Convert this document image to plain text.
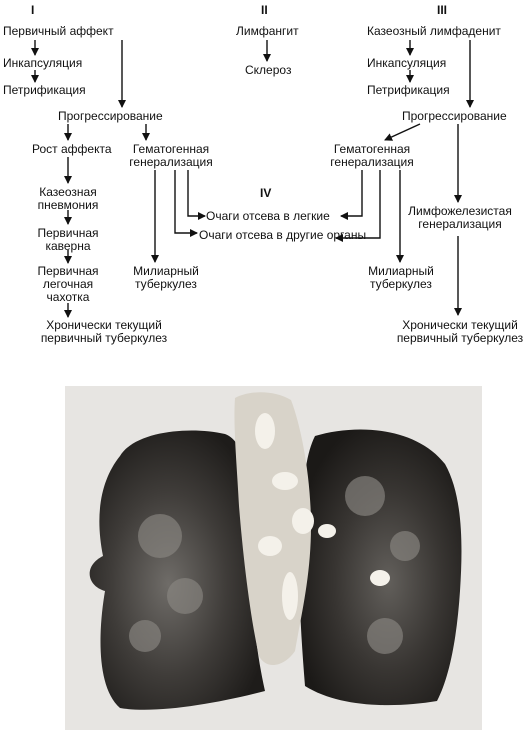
I	II	III
IV
Первичный аффект
Инкапсуляция
Петрификация
Прогрессирование
Рост аффекта	Гематогенная
генерализация
Казеозная
пневмония
Первичная
каверна
Первичная
легочная
чахотка
Милиарный
туберкулез
Хронически текущий
первичный туберкулез
Лимфангит
Склероз
Очаги отсева в легкие
Очаги отсева в другие органы
Казеозный лимфаденит
Инкапсуляция
Петрификация
Прогрессирование
Гематогенная
генерализация
Лимфожелезистая
генерализация
Милиарный
туберкулез
Хронически текущий
первичный туберкулез
